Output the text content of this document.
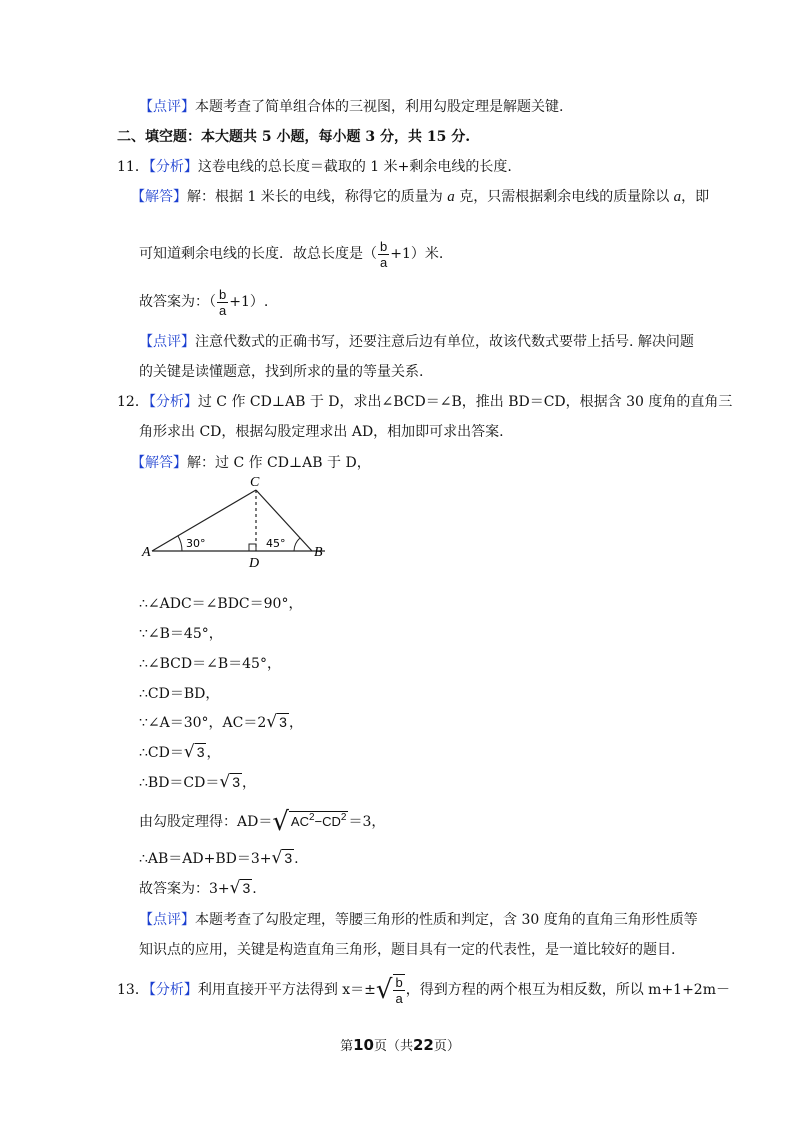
【点评】本题考查了简单组合体的三视图，利用勾股定理是解题关键.
二、填空题：本大题共 5 小题，每小题 3 分，共 15 分.
11．【分析】这卷电线的总长度＝截取的 1 米+剩余电线的长度.
【解答】解：根据 1 米长的电线，称得它的质量为 a 克，只需根据剩余电线的质量除以 a，即
可知道剩余电线的长度．故总长度是（ $\frac{b}{a} +1$）米.
故答案为：（ $\frac{b}{a} +1$）.
【点评】注意代数式的正确书写，还要注意后边有单位，故该代数式要带上括号. 解决问题
的关键是读懂题意，找到所求的量的等量关系.
12．【分析】过 C 作 CD⊥AB 于 D，求出∠BCD＝∠B，推出 BD＝CD，根据含 30 度角的直角三
角形求出 CD，根据勾股定理求出 AD，相加即可求出答案.
【解答】解：过 C 作 CD⊥AB 于 D，
A	B
C
D
30°	45°
∴∠ADC＝∠BDC＝90°，
∵∠B＝45°，
∴∠BCD＝∠B＝45°，
∴CD＝BD，
∵∠A＝30°，AC＝2√ 3 ，
∴CD＝√ 3 ，
∴BD＝CD＝√ 3 ，
由勾股定理得：AD＝√ $AC^2-CD^2 =3$，
∴AB＝AD+BD＝3+√ 3 .
故答案为：3+√ 3 .
【点评】本题考查了勾股定理，等腰三角形的性质和判定，含 30 度角的直角三角形性质等
知识点的应用，关键是构造直角三角形，题目具有一定的代表性，是一道比较好的题目.
13．【分析】利用直接开平方法得到 $x=\pm√ \frac{b}{a}$ ，得到方程的两个根互为相反数，所以 m+1+2m－
第10页（共22页）
